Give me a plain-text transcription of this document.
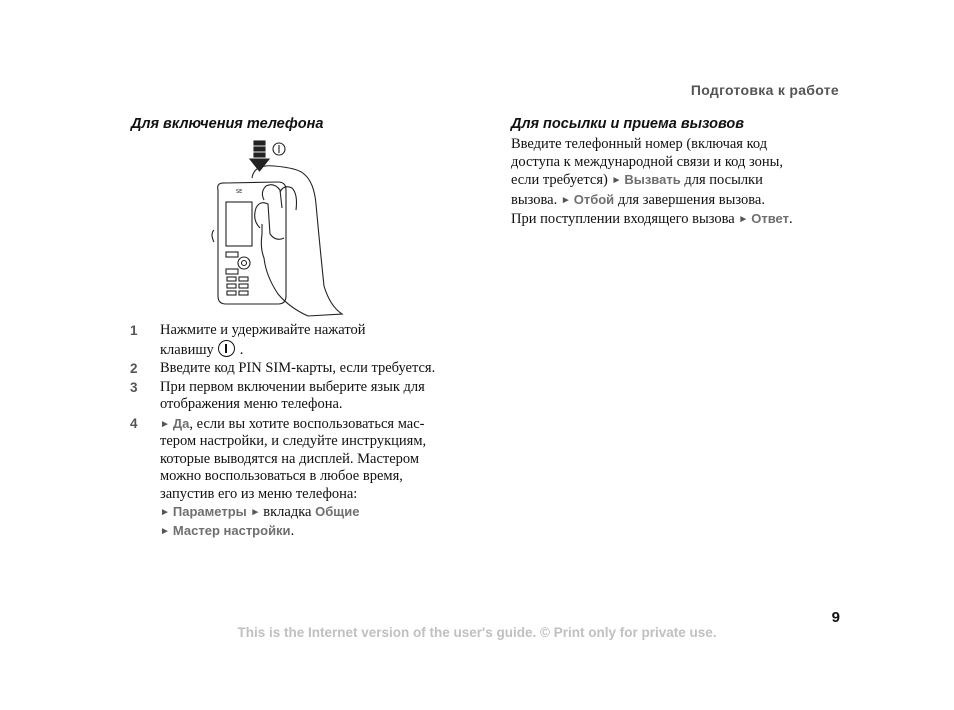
Подготовка к работе
Для включения телефона
SE
1 Нажмите и удерживайте нажатой
клавишу .
2 Введите код PIN SIM-карты, если требуется.
3 При первом включении выберите язык для
отображения меню телефона.
4 ► Да, если вы хотите воспользоваться мас-
тером настройки, и следуйте инструкциям,
которые выводятся на дисплей. Мастером
можно воспользоваться в любое время,
запустив его из меню телефона:
► Параметры ► вкладка Общие
► Мастер настройки.
Для посылки и приема вызовов
Введите телефонный номер (включая код
доступа к международной связи и код зоны,
если требуется) ► Вызвать для посылки
вызова. ► Отбой для завершения вызова.
При поступлении входящего вызова ► Ответ.
9
This is the Internet version of the user's guide. © Print only for private use.
